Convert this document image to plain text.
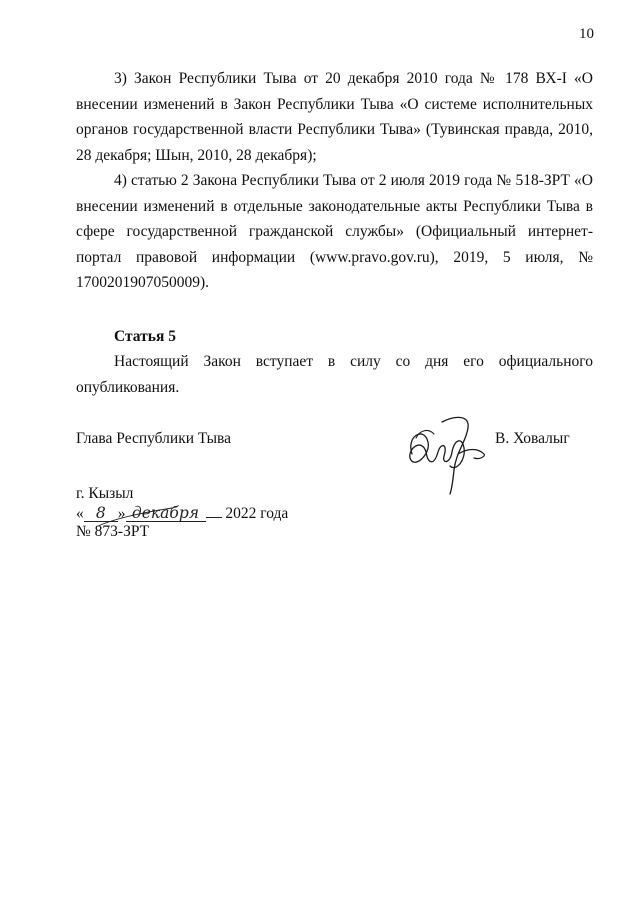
10

3) Закон Республики Тыва от 20 декабря 2010 года № 178 ВХ-I «О внесении изменений в Закон Республики Тыва «О системе исполнительных органов государственной власти Республики Тыва» (Тувинская правда, 2010, 28 декабря; Шын, 2010, 28 декабря);

4) статью 2 Закона Республики Тыва от 2 июля 2019 года № 518-ЗРТ «О внесении изменений в отдельные законодательные акты Республики Тыва в сфере государственной гражданской службы» (Официальный интернет-портал правовой информации (www.pravo.gov.ru), 2019, 5 июля, № 1700201907050009).

Статья 5

Настоящий Закон вступает в силу со дня его официального опубликования.

Глава Республики Тыва	В. Ховалыг
г. Кызыл
« 8 » декабря 2022 года
№ 873-ЗРТ
